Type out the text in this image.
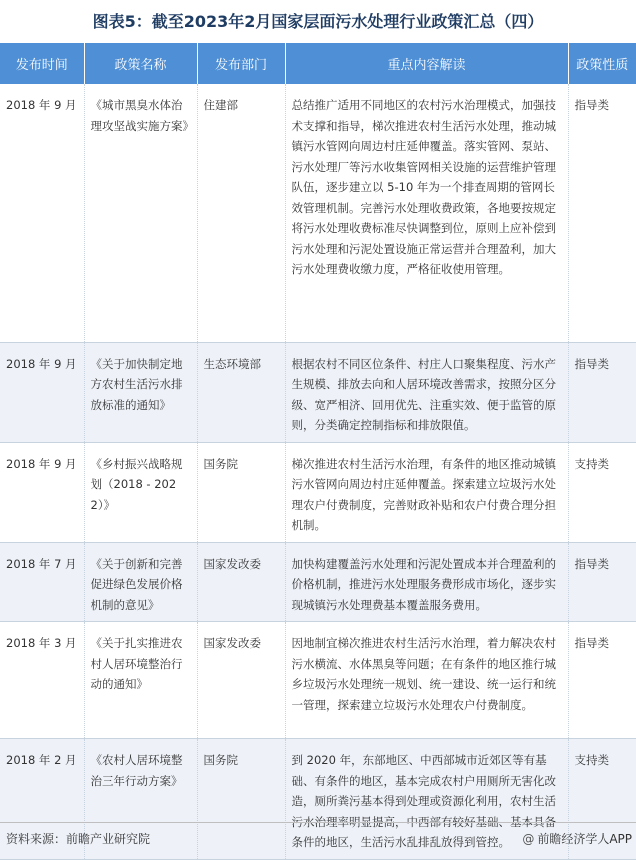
图表5：截至2023年2月国家层面污水处理行业政策汇总（四）
发布时间	政策名称	发布部门	重点内容解读	政策性质
2018 年 9 月	《城市黑臭水体治理攻坚战实施方案》	住建部	总结推广适用不同地区的农村污水治理模式，加强技术支撑和指导，梯次推进农村生活污水处理，推动城镇污水管网向周边村庄延伸覆盖。落实管网、泵站、污水处理厂等污水收集管网相关设施的运营维护管理队伍，逐步建立以 5-10 年为一个排查周期的管网长效管理机制。完善污水处理收费政策，各地要按规定将污水处理收费标准尽快调整到位，原则上应补偿到污水处理和污泥处置设施正常运营并合理盈利，加大污水处理费收缴力度，严格征收使用管理。	指导类
2018 年 9 月	《关于加快制定地方农村生活污水排放标准的通知》	生态环境部	根据农村不同区位条件、村庄人口聚集程度、污水产生规模、排放去向和人居环境改善需求，按照分区分级、宽严相济、回用优先、注重实效、便于监管的原则，分类确定控制指标和排放限值。	指导类
2018 年 9 月	《乡村振兴战略规划（2018 - 2022）》	国务院	梯次推进农村生活污水治理，有条件的地区推动城镇污水管网向周边村庄延伸覆盖。探索建立垃圾污水处理农户付费制度，完善财政补贴和农户付费合理分担机制。	支持类
2018 年 7 月	《关于创新和完善促进绿色发展价格机制的意见》	国家发改委	加快构建覆盖污水处理和污泥处置成本并合理盈利的价格机制，推进污水处理服务费形成市场化，逐步实现城镇污水处理费基本覆盖服务费用。	指导类
2018 年 3 月	《关于扎实推进农村人居环境整治行动的通知》	国家发改委	因地制宜梯次推进农村生活污水治理，着力解决农村污水横流、水体黑臭等问题；在有条件的地区推行城乡垃圾污水处理统一规划、统一建设、统一运行和统一管理，探索建立垃圾污水处理农户付费制度。	指导类
2018 年 2 月	《农村人居环境整治三年行动方案》	国务院	到 2020 年，东部地区、中西部城市近郊区等有基础、有条件的地区，基本完成农村户用厕所无害化改造，厕所粪污基本得到处理或资源化利用，农村生活污水治理率明显提高，中西部有较好基础、基本具备条件的地区，生活污水乱排乱放得到管控。	支持类
资料来源：前瞻产业研究院	@ 前瞻经济学人APP
